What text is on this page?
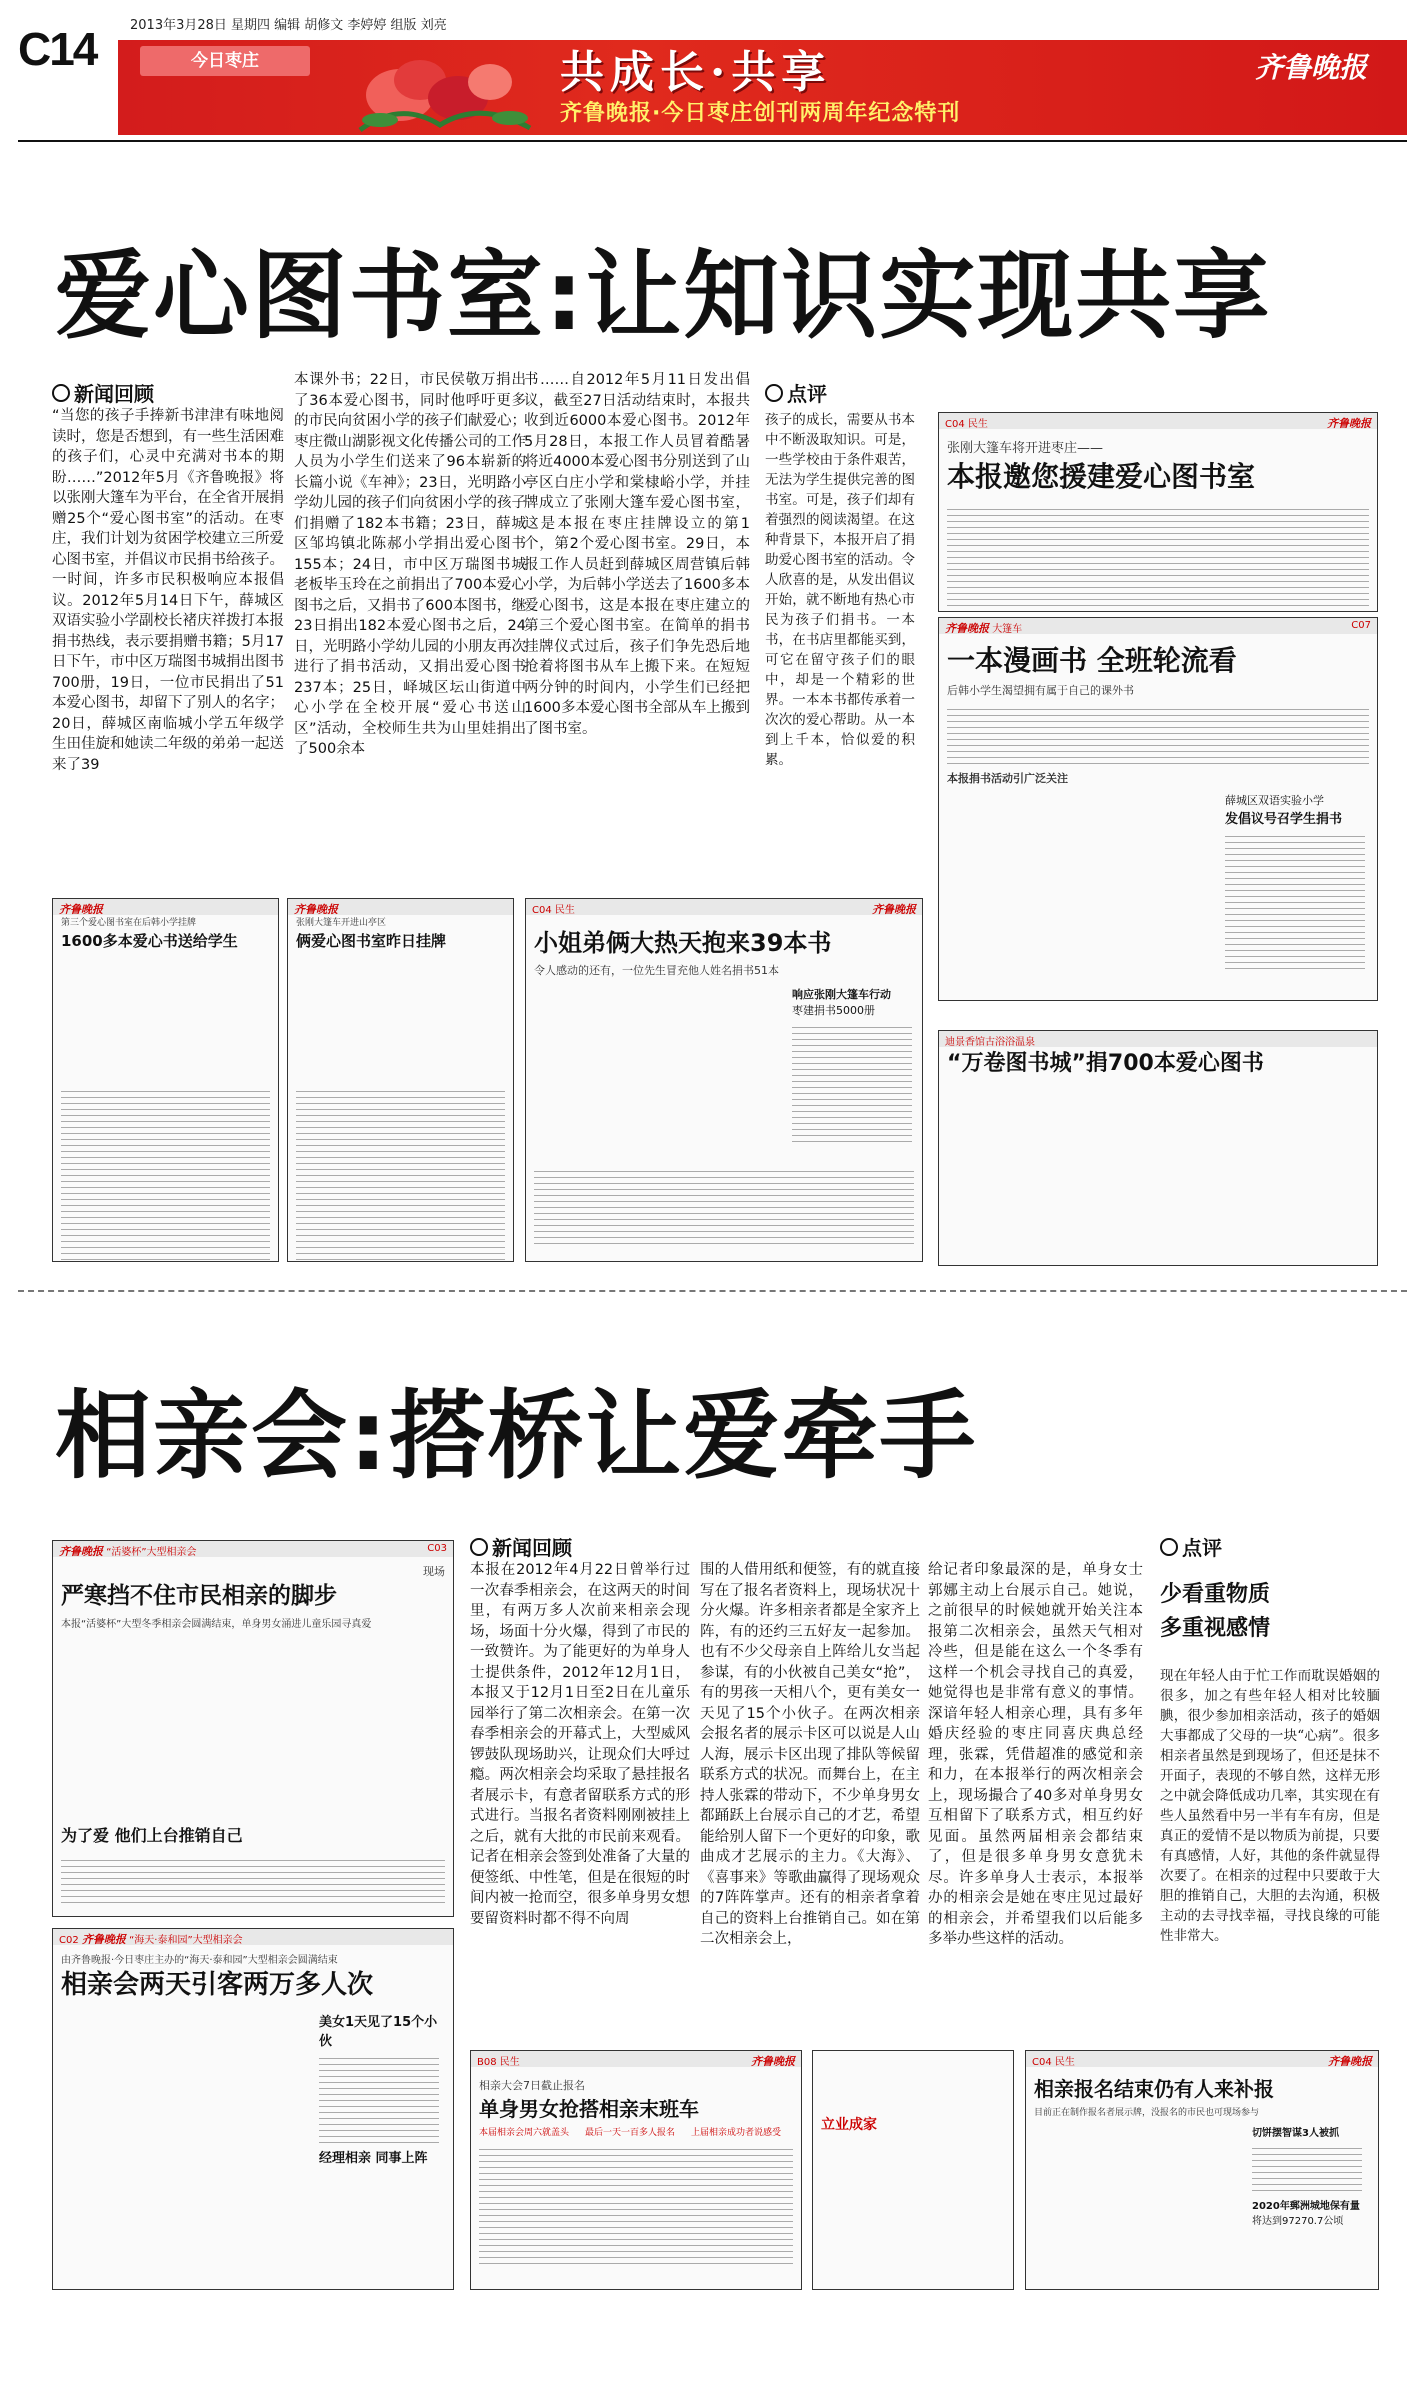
C14	2013年3月28日 星期四 编辑 胡修文 李婷婷 组版 刘亮
今日枣庄	共成长·共享
齐鲁晚报·今日枣庄创刊两周年纪念特刊
齐鲁晚报
爱心图书室:让知识实现共享
新闻回顾
“当您的孩子手捧新书津津有味地阅读时，您是否想到，有一些生活困难的孩子们，心灵中充满对书本的期盼……”2012年5月《齐鲁晚报》将以张刚大篷车为平台，在全省开展捐赠25个“爱心图书室”的活动。在枣庄，我们计划为贫困学校建立三所爱心图书室，并倡议市民捐书给孩子。一时间，许多市民积极响应本报倡议。2012年5月14日下午，薛城区双语实验小学副校长褚庆祥拨打本报捐书热线，表示要捐赠书籍；5月17日下午，市中区万瑞图书城捐出图书700册，19日，一位市民捐出了51本爱心图书，却留下了别人的名字；20日，薛城区南临城小学五年级学生田佳旋和她读二年级的弟弟一起送来了39
本课外书；22日，市民侯敬万捐出了36本爱心图书，同时他呼吁更多的市民向贫困小学的孩子们献爱心；枣庄微山湖影视文化传播公司的工作人员为小学生们送来了96本崭新的长篇小说《车神》；23日，光明路小学幼儿园的孩子们向贫困小学的孩子们捐赠了182本书籍；23日，薛城区邹坞镇北陈郝小学捐出爱心图书155本；24日，市中区万瑞图书城老板毕玉玲在之前捐出了700本爱心图书之后，又捐书了600本图书，继23日捐出182本爱心图书之后，24日，光明路小学幼儿园的小朋友再次进行了捐书活动，又捐出爱心图书237本；25日，峄城区坛山街道中心小学在全校开展“爱心书送山区”活动，全校师生共为山里娃捐出了500余本
书……自2012年5月11日发出倡议，截至27日活动结束时，本报共收到近6000本爱心图书。2012年5月28日，本报工作人员冒着酷暑将近4000本爱心图书分别送到了山亭区白庄小学和棠棣峪小学，并挂牌成立了张刚大篷车爱心图书室，这是本报在枣庄挂牌设立的第1个，第2个爱心图书室。29日，本报工作人员赶到薛城区周营镇后韩小学，为后韩小学送去了1600多本爱心图书，这是本报在枣庄建立的第三个爱心图书室。在简单的捐书挂牌仪式过后，孩子们争先恐后地抢着将图书从车上搬下来。在短短两分钟的时间内，小学生们已经把1600多本爱心图书全部从车上搬到了图书室。
点评
孩子的成长，需要从书本中不断汲取知识。可是，一些学校由于条件艰苦，无法为学生提供完善的图书室。可是，孩子们却有着强烈的阅读渴望。在这种背景下，本报开启了捐助爱心图书室的活动。令人欣喜的是，从发出倡议开始，就不断地有热心市民为孩子们捐书。一本书，在书店里都能买到，可它在留守孩子们的眼中，却是一个精彩的世界。一本本书都传承着一次次的爱心帮助。从一本到上千本，恰似爱的积累。
C04 民生	齐鲁晚报
张刚大篷车将开进枣庄——
本报邀您援建爱心图书室
齐鲁晚报 大篷车	C07
一本漫画书 全班轮流看
后韩小学生渴望拥有属于自己的课外书
本报捐书活动引广泛关注
薛城区双语实验小学
发倡议号召学生捐书
齐鲁晚报
第三个爱心图书室在后韩小学挂牌
1600多本爱心书送给学生
齐鲁晚报
张刚大篷车开进山亭区
俩爱心图书室昨日挂牌
C04 民生	齐鲁晚报
小姐弟俩大热天抱来39本书
令人感动的还有，一位先生冒充他人姓名捐书51本
响应张刚大篷车行动
枣建捐书5000册
迪景香馆古浴浴温泉
“万卷图书城”捐700本爱心图书
相亲会:搭桥让爱牵手
齐鲁晚报 “活婆杯”大型相亲会	C03
现场
严寒挡不住市民相亲的脚步
本报“活婆杯”大型冬季相亲会圆满结束，单身男女涌进儿童乐园寻真爱
为了爱 他们上台推销自己
C02 齐鲁晚报 “海天·泰和园”大型相亲会
由齐鲁晚报·今日枣庄主办的“海天·泰和园”大型相亲会圆满结束
相亲会两天引客两万多人次
美女1天见了15个小伙
经理相亲 同事上阵
新闻回顾
本报在2012年4月22日曾举行过一次春季相亲会，在这两天的时间里，有两万多人次前来相亲会现场，场面十分火爆，得到了市民的一致赞许。为了能更好的为单身人士提供条件，2012年12月1日，本报又于12月1日至2日在儿童乐园举行了第二次相亲会。在第一次春季相亲会的开幕式上，大型威风锣鼓队现场助兴，让现众们大呼过瘾。两次相亲会均采取了悬挂报名者展示卡，有意者留联系方式的形式进行。当报名者资料刚刚被挂上之后，就有大批的市民前来观看。记者在相亲会签到处准备了大量的便签纸、中性笔，但是在很短的时间内被一抢而空，很多单身男女想要留资料时都不得不向周
围的人借用纸和便签，有的就直接写在了报名者资料上，现场状况十分火爆。许多相亲者都是全家齐上阵，有的还约三五好友一起参加。也有不少父母亲自上阵给儿女当起参谋，有的小伙被自己美女“抢”，有的男孩一天相八个，更有美女一天见了15个小伙子。在两次相亲会报名者的展示卡区可以说是人山人海，展示卡区出现了排队等候留联系方式的状况。而舞台上，在主持人张霖的带动下，不少单身男女都踊跃上台展示自己的才艺，希望能给别人留下一个更好的印象，歌曲成才艺展示的主力。《大海》、《喜事来》等歌曲赢得了现场观众的7阵阵掌声。还有的相亲者拿着自己的资料上台推销自己。如在第二次相亲会上，
给记者印象最深的是，单身女士郭娜主动上台展示自己。她说，之前很早的时候她就开始关注本报第二次相亲会，虽然天气相对冷些，但是能在这么一个冬季有这样一个机会寻找自己的真爱，她觉得也是非常有意义的事情。深谙年轻人相亲心理，具有多年婚庆经验的枣庄同喜庆典总经理，张霖，凭借超准的感觉和亲和力，在本报举行的两次相亲会上，现场撮合了40多对单身男女互相留下了联系方式，相互约好见面。虽然两届相亲会都结束了，但是很多单身男女意犹未尽。许多单身人士表示，本报举办的相亲会是她在枣庄见过最好的相亲会，并希望我们以后能多多举办些这样的活动。
点评
少看重物质
多重视感情
现在年轻人由于忙工作而耽误婚姻的很多，加之有些年轻人相对比较腼腆，很少参加相亲活动，孩子的婚姻大事都成了父母的一块“心病”。很多相亲者虽然是到现场了，但还是抹不开面子，表现的不够自然，这样无形之中就会降低成功几率，其实现在有些人虽然看中另一半有车有房，但是真正的爱情不是以物质为前提，只要有真感情，人好，其他的条件就显得次要了。在相亲的过程中只要敢于大胆的推销自己，大胆的去沟通，积极主动的去寻找幸福，寻找良缘的可能性非常大。
B08 民生	齐鲁晚报
相亲大会7日截止报名
单身男女抢搭相亲末班车
本届相亲会周六就盖头	最后一天一百多人报名	上届相亲成功者说感受	立业成家
C04 民生	齐鲁晚报
相亲报名结束仍有人来补报
目前正在制作报名者展示牌，没报名的市民也可现场参与
切饼摆智谋3人被抓
2020年郵洲城地保有量
将达到97270.7公顷
